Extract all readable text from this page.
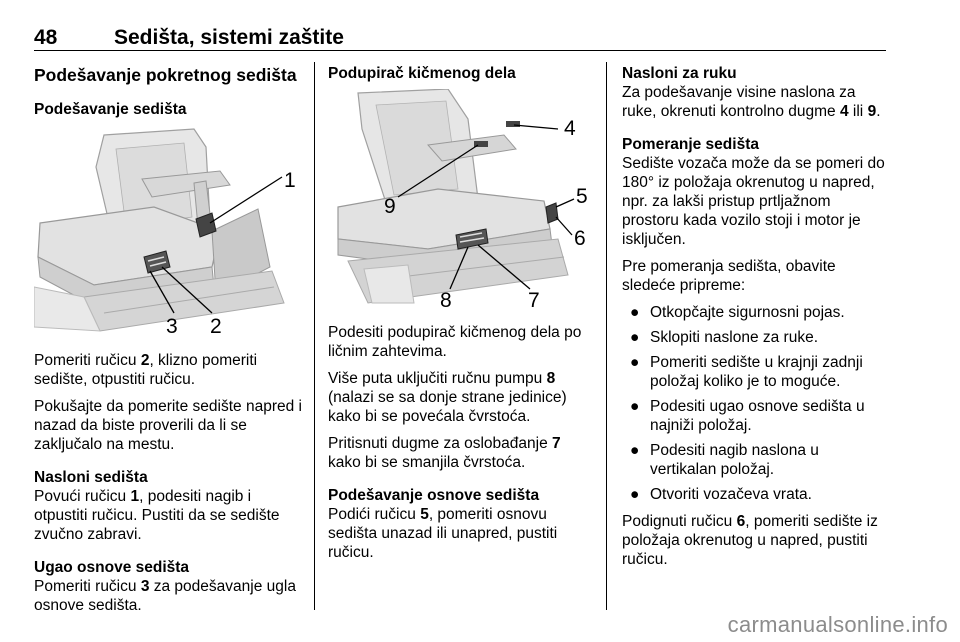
48	Sedišta, sistemi zaštite
Podešavanje pokretnog sedišta
Podešavanje sedišta
1
2
3

Pomeriti ručicu 2, klizno pomeriti sedište, otpustiti ručicu.

Pokušajte da pomerite sedište napred i nazad da biste proverili da li se zaključalo na mestu.

Nasloni sedišta

Povući ručicu 1, podesiti nagib i otpustiti ručicu. Pustiti da se sedište zvučno zabravi.

Ugao osnove sedišta

Pomeriti ručicu 3 za podešavanje ugla osnove sedišta.

Podupirač kičmenog dela
4
5
6
7
8
9

Podesiti podupirač kičmenog dela po ličnim zahtevima.

Više puta uključiti ručnu pumpu 8 (nalazi se sa donje strane jedinice) kako bi se povećala čvrstoća.

Pritisnuti dugme za oslobađanje 7 kako bi se smanjila čvrstoća.

Podešavanje osnove sedišta

Podići ručicu 5, pomeriti osnovu sedišta unazad ili unapred, pustiti ručicu.

Nasloni za ruku

Za podešavanje visine naslona za ruke, okrenuti kontrolno dugme 4 ili 9.

Pomeranje sedišta

Sedište vozača može da se pomeri do 180° iz položaja okrenutog u napred, npr. za lakši pristup prtljažnom prostoru kada vozilo stoji i motor je isključen.

Pre pomeranja sedišta, obavite sledeće pripreme:

● Otkopčajte sigurnosni pojas.
● Sklopiti naslone za ruke.
● Pomeriti sedište u krajnji zadnji položaj koliko je to moguće.
● Podesiti ugao osnove sedišta u najniži položaj.
● Podesiti nagib naslona u vertikalan položaj.
● Otvoriti vozačeva vrata.

Podignuti ručicu 6, pomeriti sedište iz položaja okrenutog u napred, pustiti ručicu.

carmanualsonline.info
